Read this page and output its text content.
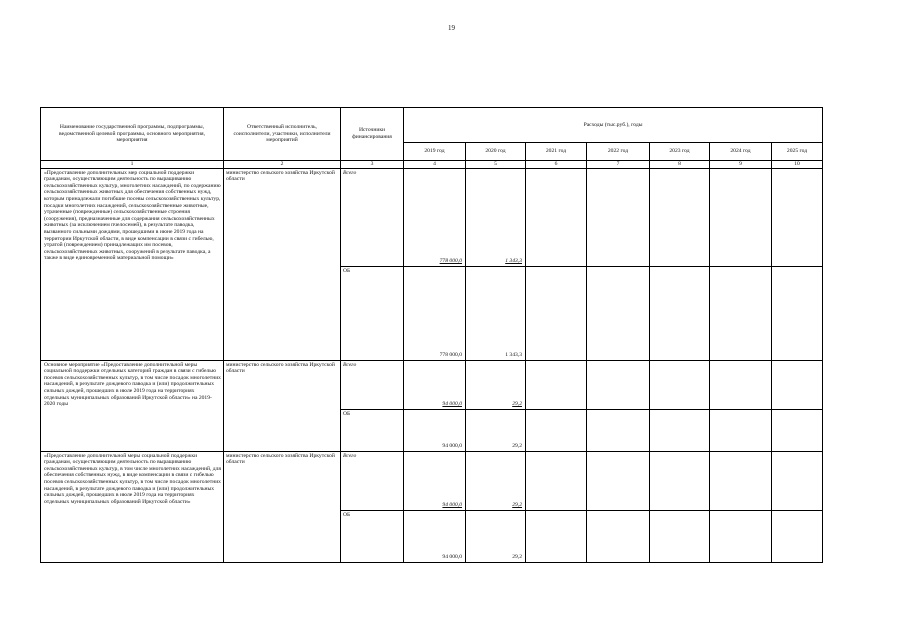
19
Наименование государственной программы, подпрограммы, ведомственной целевой программы, основного мероприятия, мероприятия	Ответственный исполнитель, соисполнители, участники, исполнители мероприятий	Источники финансирования	Расходы (тыс.руб.), годы						
			2019 год	2020 год	2021 год	2022 год	2023 год	2024 год	2025 год
1	2	3	4	5	6	7	8	9	10
«Предоставление дополнительных мер социальной поддержки гражданам, осуществляющим деятельность по выращиванию сельскохозяйственных культур, многолетних насаждений, по содержанию сельскохозяйственных животных для обеспечения собственных нужд, которым принадлежали погибшие посевы сельскохозяйственных культур, посадки многолетних насаждений, сельскохозяйственные животные, утраченные (поврежденные) сельскохозяйственные строения (сооружения), предназначенные для содержания сельскохозяйственных животных (за исключением пчелосемей), в результате паводка, вызванного сильными дождями, прошедшими в июне 2019 года на территории Иркутской области, в виде компенсации в связи с гибелью, утратой (повреждением) принадлежащих им посевов, сельскохозяйственных животных, сооружений в результате паводка, а также в виде единовременной материальной помощи»	министерство сельского хозяйства Иркутской области	Всего	778 000,0	1 343,3					
		ОБ	778 000,0	1 343,3					
Основное мероприятие «Предоставление дополнительной меры социальной поддержки отдельных категорий граждан в связи с гибелью посевов сельскохозяйственных культур, в том числе посадок многолетних насаждений, в результате дождевого паводка и (или) продолжительных сильных дождей, прошедших в июле 2019 года на территориях отдельных муниципальных образований Иркутской области» на 2019-2020 годы	министерство сельского хозяйства Иркутской области	Всего	94 000,0	29,2					
		ОБ	94 000,0	29,2					
«Предоставление дополнительной меры социальной поддержки гражданам, осуществляющим деятельность по выращиванию сельскохозяйственных культур, в том числе многолетних насаждений, для обеспечения собственных нужд, в виде компенсации в связи с гибелью посевов сельскохозяйственных культур, в том числе посадок многолетних насаждений, в результате дождевого паводка и (или) продолжительных сильных дождей, прошедших в июле 2019 года на территориях отдельных муниципальных образований Иркутской области»	министерство сельского хозяйства Иркутской области	Всего	94 000,0	29,2					
		ОБ	94 000,0	29,2					
